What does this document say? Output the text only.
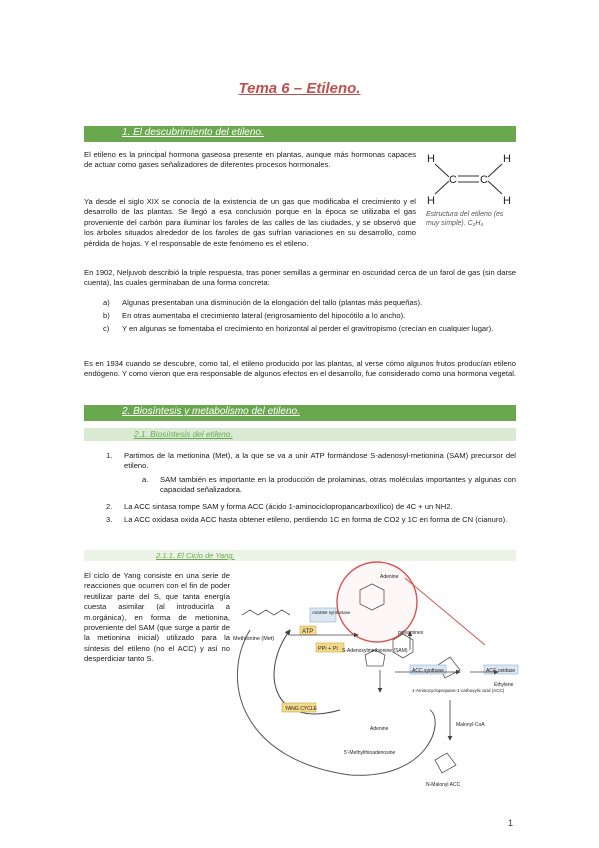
Tema 6 – Etileno.
1. El descubrimiento del etileno.
El etileno es la principal hormona gaseosa presente en plantas, aunque más hormonas capaces de actuar como gases señalizadores de diferentes procesos hormonales.
Ya desde el siglo XIX se conocía de la existencia de un gas que modificaba el crecimiento y el desarrollo de las plantas. Se llegó a esa conclusión porque en la época se utilizaba el gas proveniente del carbón para iluminar los faroles de las calles de las ciudades, y se observó que los árboles situados alrededor de los faroles de gas sufrían variaciones en su desarrollo, como pérdida de hojas. Y el responsable de este fenómeno es el etileno.
H
H
C C
H
H
Estructura del etileno (es muy simple). C₂H₄
En 1902, Neljuvob describió la triple respuesta, tras poner semillas a germinar en oscuridad cerca de un farol de gas (sin darse cuenta), las cuales germinaban de una forma concreta:
a) Algunas presentaban una disminución de la elongación del tallo (plantas más pequeñas).
b) En otras aumentaba el crecimiento lateral (engrosamiento del hipocótilo a lo ancho).
c) Y en algunas se fomentaba el crecimiento en horizontal al perder el gravitropismo (crecían en cualquier lugar).
Es en 1934 cuando se descubre, como tal, el etileno producido por las plantas, al verse cómo algunos frutos producían etileno endógeno. Y como vieron que era responsable de algunos efectos en el desarrollo, fue considerado como una hormona vegetal.
2. Biosíntesis y metabolismo del etileno.
2.1. Biosíntesis del etileno.
1. Partimos de la metionina (Met), a la que se va a unir ATP formándose S-adenosyl-metionina (SAM) precursor del etileno.
a. SAM también es importante en la producción de prolaminas, otras moléculas importantes y algunas con capacidad señalizadora.
2. La ACC sintasa rompe SAM y forma ACC (ácido 1-aminociclopropancarboxílico) de 4C + un NH2.
3. La ACC oxidasa oxida ACC hasta obtener etileno, perdiendo 1C en forma de CO2 y 1C en forma de CN (cianuro).
2.1.1. El Ciclo de Yang.
El ciclo de Yang consiste en una serie de reacciones que ocurren con el fin de poder reutilizar parte del S, que tanta energía cuesta asimilar (al introducirla a m.orgánica), en forma de metionina, proveniente del SAM (que surge a partir de la metionina inicial) utilizado para la síntesis del etileno (no el ACC) y así no desperdiciar tanto S.
ATP
PPi + Pi
AdoMet synthetase
ACC synthase	ACC oxidase
Methionine (Met)
S-Adenosylmethionine (SAM)
Adenine
polyamines
1-Aminocyclopropane-1-carboxylic acid (ACC)
Ethylene
YANG CYCLE
Adenine
5'-Methylthioadenosine
Malonyl-CoA
N-Malonyl ACC
1
